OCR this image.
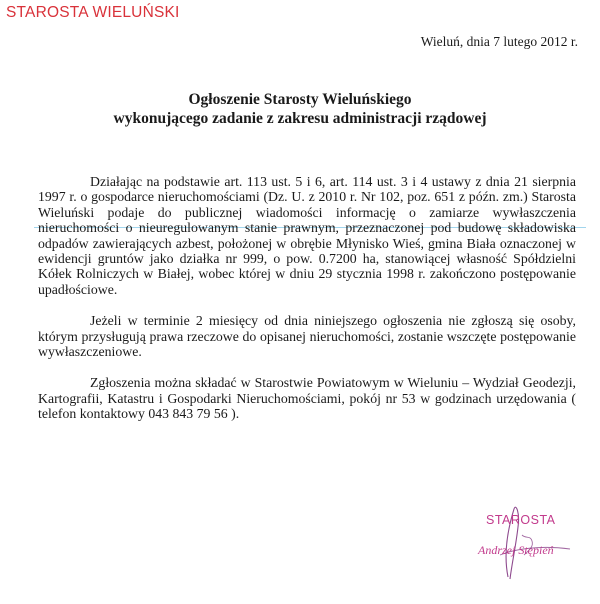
STAROSTA WIELUŃSKI
Wieluń, dnia 7 lutego 2012 r.
Ogłoszenie Starosty Wieluńskiego
wykonującego zadanie z zakresu administracji rządowej

Działając na podstawie art. 113 ust. 5 i 6, art. 114 ust. 3 i 4 ustawy z dnia 21 sierpnia 1997 r. o gospodarce nieruchomościami (Dz. U. z 2010 r. Nr 102, poz. 651 z późn. zm.) Starosta Wieluński podaje do publicznej wiadomości informację o zamiarze wywłaszczenia nieruchomości o nieuregulowanym stanie prawnym, przeznaczonej pod budowę składowiska odpadów zawierających azbest, położonej w obrębie Młynisko Wieś, gmina Biała oznaczonej w ewidencji gruntów jako działka nr 999, o pow. 0.7200 ha, stanowiącej własność Spółdzielni Kółek Rolniczych w Białej, wobec której w dniu 29 stycznia 1998 r. zakończono postępowanie upadłościowe.

Jeżeli w terminie 2 miesięcy od dnia niniejszego ogłoszenia nie zgłoszą się osoby, którym przysługują prawa rzeczowe do opisanej nieruchomości, zostanie wszczęte postępowanie wywłaszczeniowe.

Zgłoszenia można składać w Starostwie Powiatowym w Wieluniu – Wydział Geodezji, Kartografii, Katastru i Gospodarki Nieruchomościami, pokój nr 53 w godzinach urzędowania ( telefon kontaktowy 043 843 79 56 ).

STAROSTA
Andrzej Stępień
